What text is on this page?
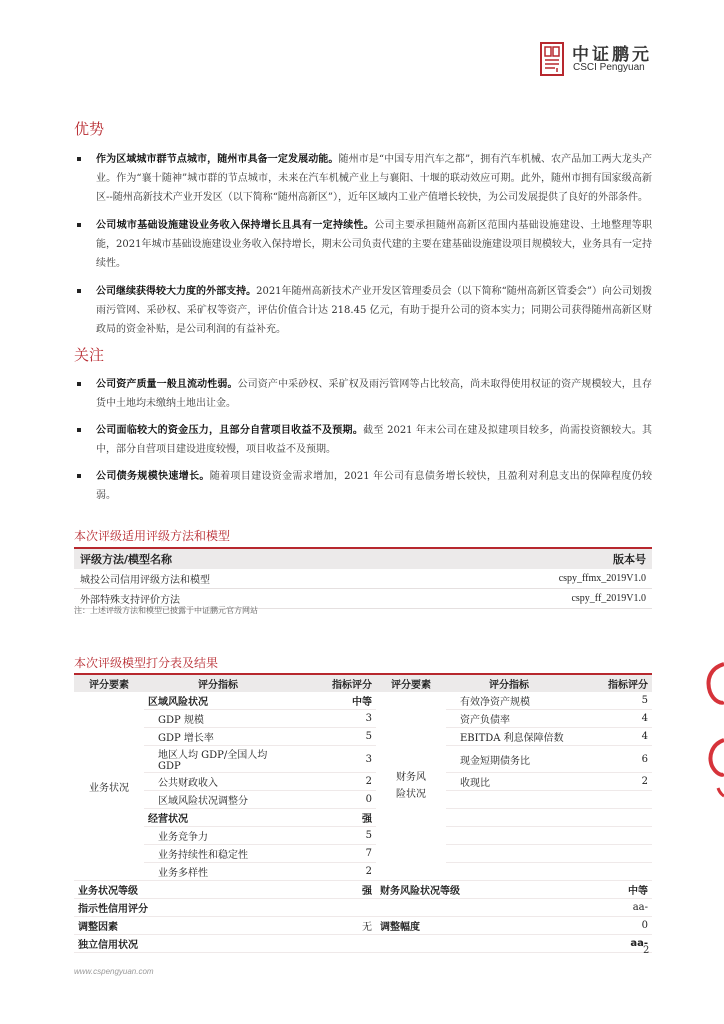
中证鹏元
CSCI Pengyuan
优势
作为区域城市群节点城市，随州市具备一定发展动能。随州市是“中国专用汽车之都”，拥有汽车机械、农产品加工两大龙头产业。作为“襄十随神”城市群的节点城市，未来在汽车机械产业上与襄阳、十堰的联动效应可期。此外，随州市拥有国家级高新区--随州高新技术产业开发区（以下简称“随州高新区”），近年区域内工业产值增长较快，为公司发展提供了良好的外部条件。
公司城市基础设施建设业务收入保持增长且具有一定持续性。公司主要承担随州高新区范围内基础设施建设、土地整理等职能，2021年城市基础设施建设业务收入保持增长，期末公司负责代建的主要在建基础设施建设项目规模较大，业务具有一定持续性。
公司继续获得较大力度的外部支持。2021年随州高新技术产业开发区管理委员会（以下简称“随州高新区管委会”）向公司划拨雨污管网、采砂权、采矿权等资产，评估价值合计达 218.45 亿元，有助于提升公司的资本实力；同期公司获得随州高新区财政局的资金补贴，是公司利润的有益补充。
关注
公司资产质量一般且流动性弱。公司资产中采砂权、采矿权及雨污管网等占比较高，尚未取得使用权证的资产规模较大，且存货中土地均未缴纳土地出让金。
公司面临较大的资金压力，且部分自营项目收益不及预期。截至 2021 年末公司在建及拟建项目较多，尚需投资额较大。其中，部分自营项目建设进度较慢，项目收益不及预期。
公司债务规模快速增长。随着项目建设资金需求增加，2021 年公司有息债务增长较快，且盈利对利息支出的保障程度仍较弱。
本次评级适用评级方法和模型
评级方法/模型名称	版本号
城投公司信用评级方法和模型	cspy_ffmx_2019V1.0
外部特殊支持评价方法	cspy_ff_2019V1.0
注：上述评级方法和模型已披露于中证鹏元官方网站
本次评级模型打分表及结果
评分要素	评分指标	指标评分	评分要素	评分指标	指标评分
业务状况	区域风险状况	中等	财务风险状况	有效净资产规模	5
	GDP 规模	3		资产负债率	4
	GDP 增长率	5		EBITDA 利息保障倍数	4
	地区人均 GDP/全国人均 GDP	3		现金短期债务比	6
	公共财政收入	2		收现比	2
	区域风险状况调整分	0			
	经营状况	强			
	业务竞争力	5			
	业务持续性和稳定性	7			
	业务多样性	2			
业务状况等级		强	财务风险状况等级		中等
指示性信用评分					aa-
调整因素		无	调整幅度		0
独立信用状况					aa-
2
www.cspengyuan.com
